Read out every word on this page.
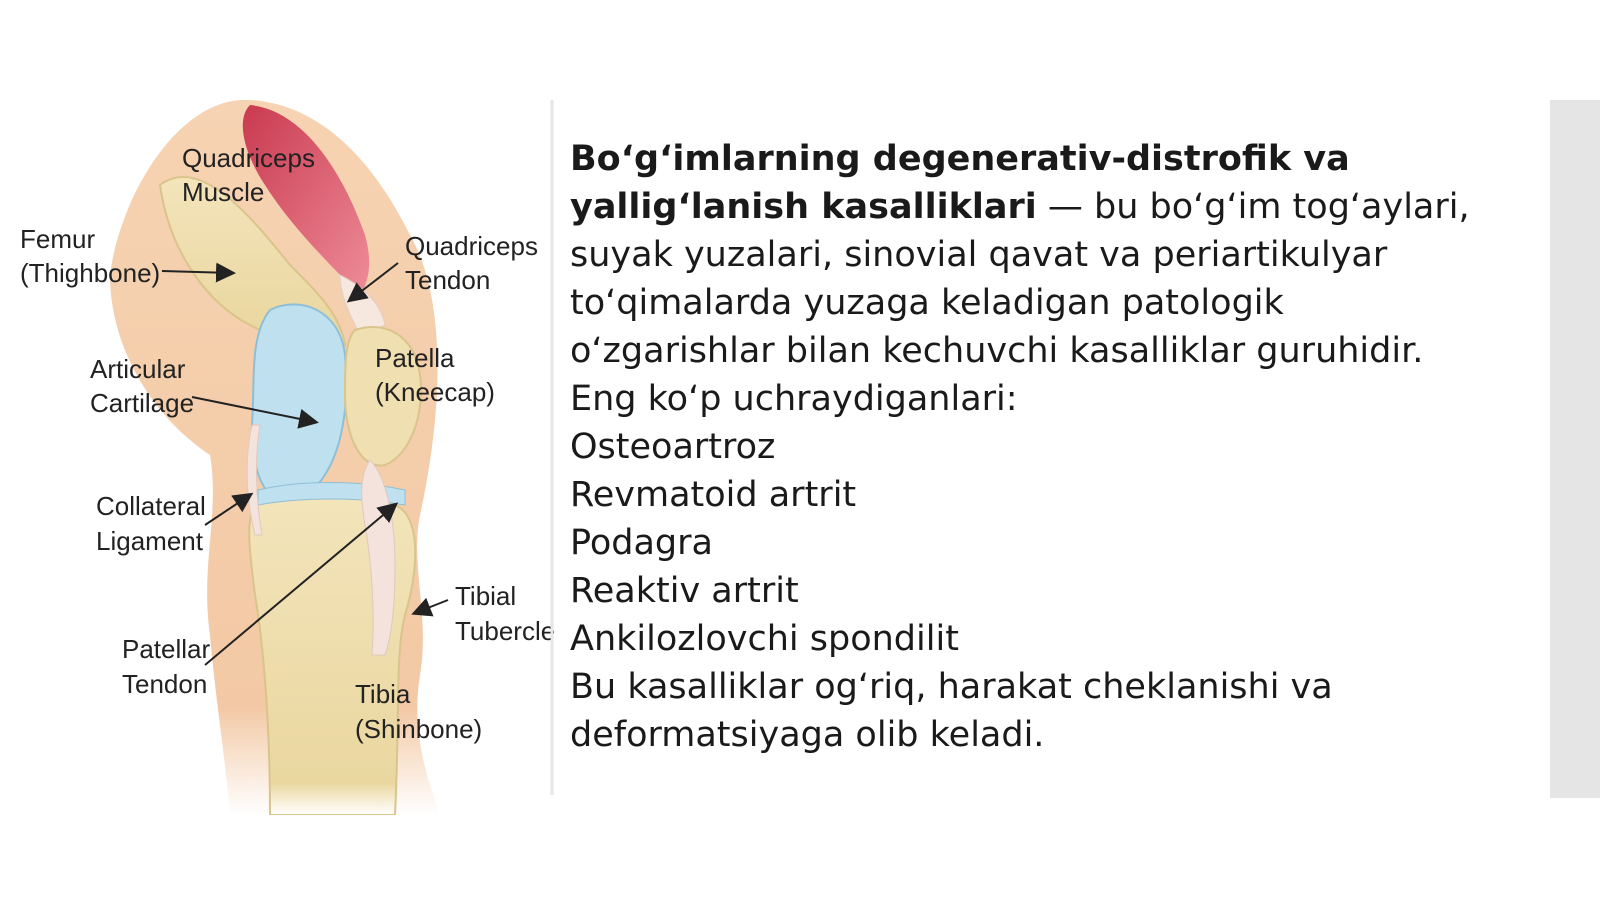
Quadriceps
Muscle
Femur
(Thighbone)
Quadriceps
Tendon
Articular
Cartilage
Patella
(Kneecap)
Collateral
Ligament
Tibial
Tubercle
Patellar
Tendon	Tibia
(Shinbone)
Bo‘g‘imlarning degenerativ-distrofik va
yallig‘lanish kasalliklari — bu bo‘g‘im tog‘aylari,
suyak yuzalari, sinovial qavat va periartikulyar
to‘qimalarda yuzaga keladigan patologik
o‘zgarishlar bilan kechuvchi kasalliklar guruhidir.
Eng ko‘p uchraydiganlari:
Osteoartroz
Revmatoid artrit
Podagra
Reaktiv artrit
Ankilozlovchi spondilit
Bu kasalliklar og‘riq, harakat cheklanishi va
deformatsiyaga olib keladi.
